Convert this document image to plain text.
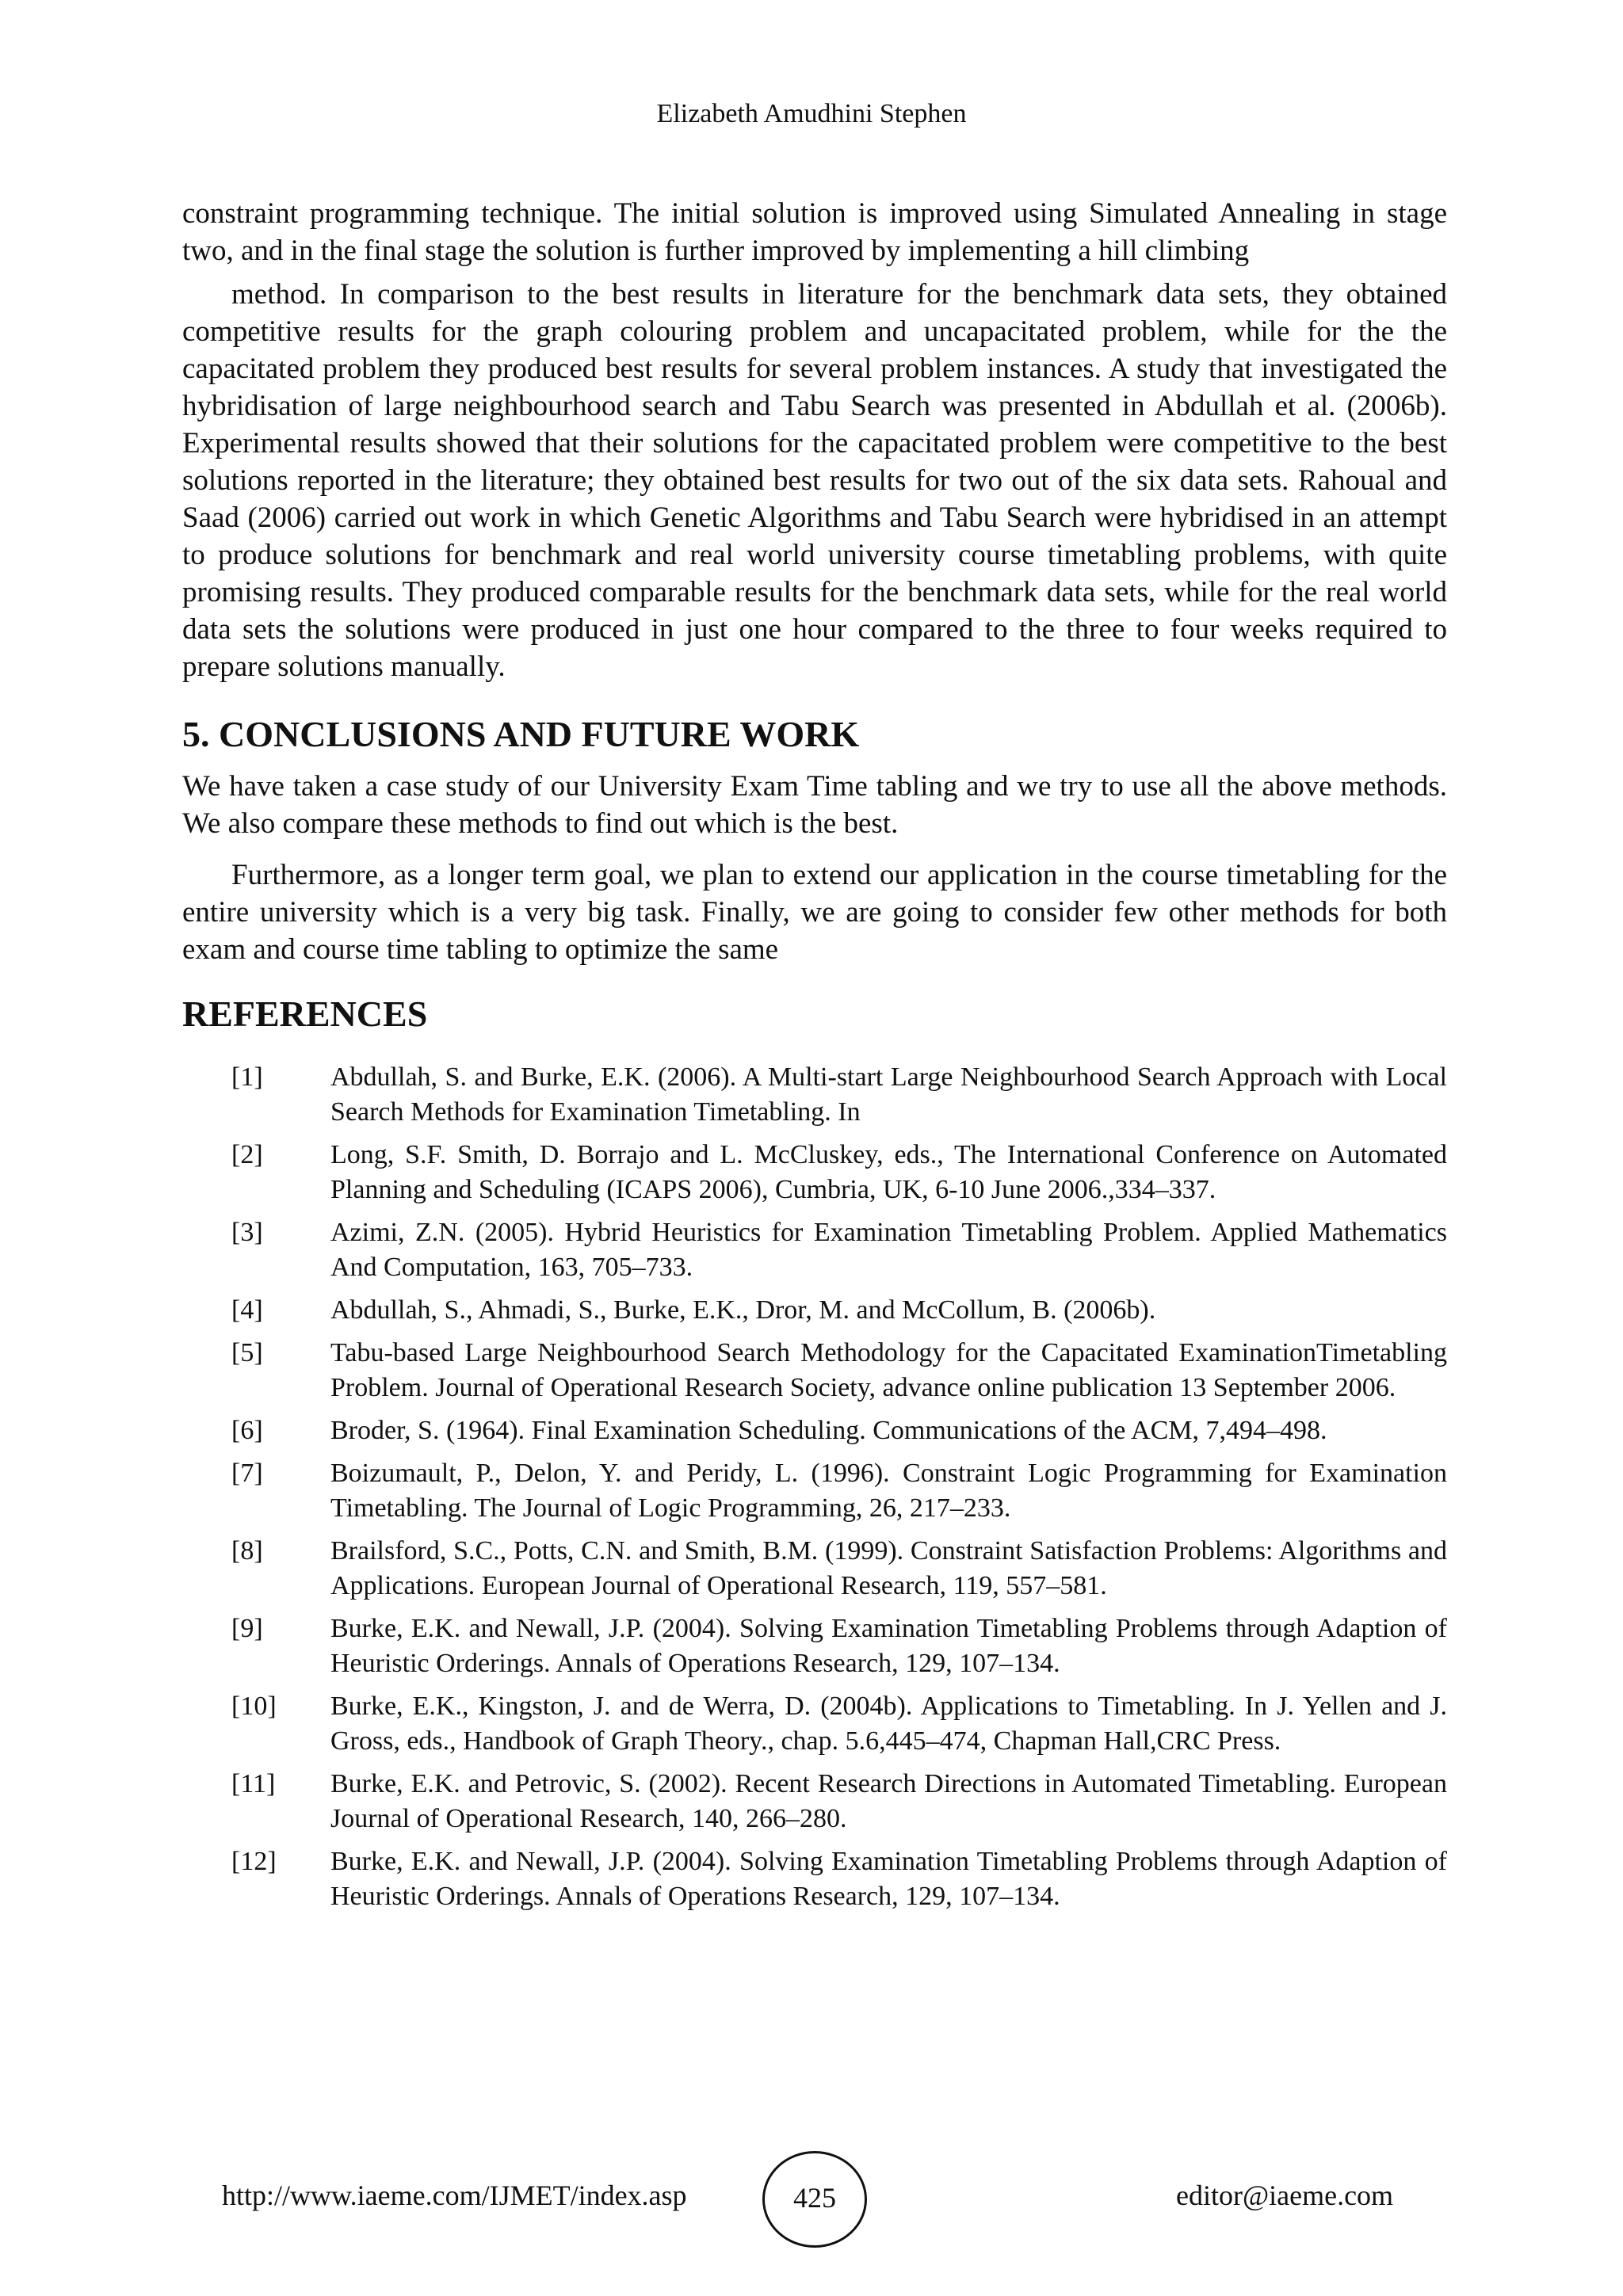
Elizabeth Amudhini Stephen

constraint programming technique. The initial solution is improved using Simulated Annealing in stage two, and in the final stage the solution is further improved by implementing a hill climbing

method. In comparison to the best results in literature for the benchmark data sets, they obtained competitive results for the graph colouring problem and uncapacitated problem, while for the the capacitated problem they produced best results for several problem instances. A study that investigated the hybridisation of large neighbourhood search and Tabu Search was presented in Abdullah et al. (2006b). Experimental results showed that their solutions for the capacitated problem were competitive to the best solutions reported in the literature; they obtained best results for two out of the six data sets. Rahoual and Saad (2006) carried out work in which Genetic Algorithms and Tabu Search were hybridised in an attempt to produce solutions for benchmark and real world university course timetabling problems, with quite promising results. They produced comparable results for the benchmark data sets, while for the real world data sets the solutions were produced in just one hour compared to the three to four weeks required to prepare solutions manually.

5. CONCLUSIONS AND FUTURE WORK

We have taken a case study of our University Exam Time tabling and we try to use all the above methods. We also compare these methods to find out which is the best.

Furthermore, as a longer term goal, we plan to extend our application in the course timetabling for the entire university which is a very big task. Finally, we are going to consider few other methods for both exam and course time tabling to optimize the same

REFERENCES
[1]	Abdullah, S. and Burke, E.K. (2006). A Multi-start Large Neighbourhood Search Approach with Local Search Methods for Examination Timetabling. In
[2]	Long, S.F. Smith, D. Borrajo and L. McCluskey, eds., The International Conference on Automated Planning and Scheduling (ICAPS 2006), Cumbria, UK, 6-10 June 2006.,334–337.
[3]	Azimi, Z.N. (2005). Hybrid Heuristics for Examination Timetabling Problem. Applied Mathematics And Computation, 163, 705–733.
[4]	Abdullah, S., Ahmadi, S., Burke, E.K., Dror, M. and McCollum, B. (2006b).
[5]	Tabu-based Large Neighbourhood Search Methodology for the Capacitated ExaminationTimetabling Problem. Journal of Operational Research Society, advance online publication 13 September 2006.
[6]	Broder, S. (1964). Final Examination Scheduling. Communications of the ACM, 7,494–498.
[7]	Boizumault, P., Delon, Y. and Peridy, L. (1996). Constraint Logic Programming for Examination Timetabling. The Journal of Logic Programming, 26, 217–233.
[8]	Brailsford, S.C., Potts, C.N. and Smith, B.M. (1999). Constraint Satisfaction Problems: Algorithms and Applications. European Journal of Operational Research, 119, 557–581.
[9]	Burke, E.K. and Newall, J.P. (2004). Solving Examination Timetabling Problems through Adaption of Heuristic Orderings. Annals of Operations Research, 129, 107–134.
[10]	Burke, E.K., Kingston, J. and de Werra, D. (2004b). Applications to Timetabling. In J. Yellen and J. Gross, eds., Handbook of Graph Theory., chap. 5.6,445–474, Chapman Hall,CRC Press.
[11]	Burke, E.K. and Petrovic, S. (2002). Recent Research Directions in Automated Timetabling. European Journal of Operational Research, 140, 266–280.
[12]	Burke, E.K. and Newall, J.P. (2004). Solving Examination Timetabling Problems through Adaption of Heuristic Orderings. Annals of Operations Research, 129, 107–134.
http://www.iaeme.com/IJMET/index.asp	425	editor@iaeme.com
